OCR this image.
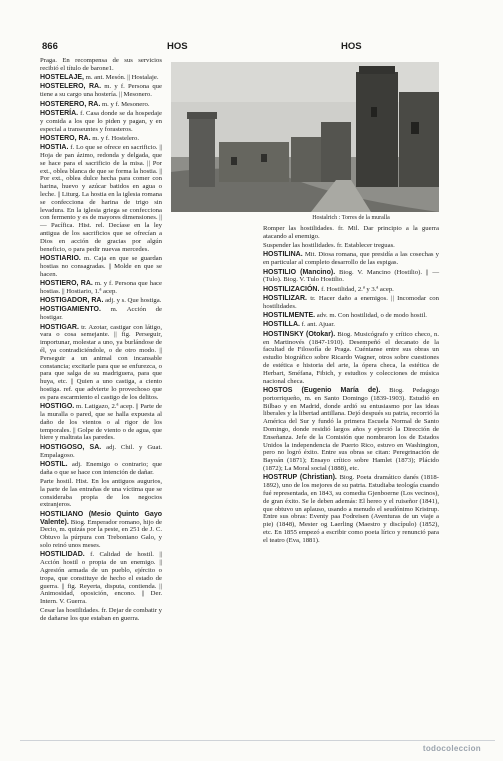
866	HOS	HOS

Praga. En recompensa de sus servicios recibió el título de barone1.

HOSTELAJE, m. ant. Mesón. || Hostalaje.

HOSTELERO, RA. m. y f. Persona que tiene a su cargo una hostería. || Mesonero.

HOSTERERO, RA. m. y f. Mesonero.

HOSTERÍA. f. Casa donde se da hospedaje y comida a los que lo piden y pagan, y en especial a transeuntes y forasteros.

HOSTERO, RA. m. y f. Hostelero.

HOSTIA. f. Lo que se ofrece en sacrificio. || Hoja de pan ázimo, redonda y delgada, que se hace para el sacrificio de la misa. || Por ext., oblea blanca de que se forma la hostia. || Por ext., oblea dulce hecha para comer con harina, huevo y azúcar batidos en agua o leche. || Liturg. La hostia en la iglesia romana se confecciona de harina de trigo sin levadura. En la iglesia griega se confecciona con fermento y es de mayores dimensiones. || — Pacífica. Hist. rel. Decíase en la ley antigua de los sacrificios que se ofrecían a Dios en acción de gracias por algún beneficio, o para pedir nuevas mercedes.

HOSTIARIO. m. Caja en que se guardan hostias no consagradas. || Molde en que se hacen.

HOSTIERO, RA. m. y f. Persona que hace hostias. || Hostiario, 1.ª acep.

HOSTIGADOR, RA. adj. y s. Que hostiga.

HOSTIGAMIENTO. m. Acción de hostigar.

HOSTIGAR. tr. Azotar, castigar con látigo, vara o cosa semejante. || fig. Perseguir, importunar, molestar a uno, ya burlándose de él, ya contradiciéndole, o de otro modo. || Perseguir a un animal con incansable constancia; excitarle para que se enfurezca, o para que salga de su madriguera, para que huya, etc. || Quien a uno castiga, a ciento hostiga. ref. que advierte lo provechoso que es para escarmiento el castigo de los delitos.

HOSTIGO. m. Latigazo, 2.ª acep. || Parte de la muralla o pared, que se halla expuesta al daño de los vientos o al rigor de los temporales. || Golpe de viento o de agua, que hiere y maltrata las paredes.

HOSTIGOSO, SA. adj. Chil. y Guat. Empalagoso.

HOSTIL. adj. Enemigo o contrario; que daña o que se hace con intención de dañar.

Parte hostil. Hist. En los antiguos augurios, la parte de las entrañas de una víctima que se consideraba propia de los negocios extranjeros.

HOSTILIANO (Mesio Quinto Gayo Valente). Biog. Emperador romano, hijo de Decio, m. quizás por la peste, en 251 de J. C. Obtuvo la púrpura con Treboniano Galo, y solo reinó unos meses.

HOSTILIDAD. f. Calidad de hostil. || Acción hostil o propia de un enemigo. || Agresión armada de un pueblo, ejército o tropa, que constituye de hecho el estado de guerra. || fig. Reyerta, disputa, contienda. || Animosidad, oposición, encono. || Der. Intern. V. Guerra.

Cesar las hostilidades. fr. Dejar de combatir y de dañarse los que estaban en guerra.

Hostalrich : Torres de la muralla

Romper las hostilidades. fr. Mil. Dar principio a la guerra atacando al enemigo.

Suspender las hostilidades. fr. Establecer treguas.

HOSTILINA. Mit. Diosa romana, que presidía a las cosechas y en particular al completo desarrollo de las espigas.

HOSTILIO (Mancino). Biog. V. Mancino (Hostilio). || — (Tulo). Biog. V. Tulo Hostilio.

HOSTILIZACIÓN. f. Hostilidad, 2.ª y 3.ª acep.

HOSTILIZAR. tr. Hacer daño a enemigos. || Incomodar con hostilidades.

HOSTILMENTE. adv. m. Con hostilidad, o de modo hostil.

HOSTILLA. f. ant. Ajuar.

HOSTINSKY (Otokar). Biog. Musicógrafo y crítico checo, n. en Martinovés (1847-1910). Desempeñó el decanato de la facultad de Filosofía de Praga. Cuéntanse entre sus obras un estudio biográfico sobre Ricardo Wagner, otros sobre cuestiones de estética e historia del arte, la ópera checa, la estética de Herbart, Sméfana, Fibich, y estudios y colecciones de música nacional checa.

HOSTOS (Eugenio María de). Biog. Pedagogo portorriqueño, m. en Santo Domingo (1839-1903). Estudió en Bilbao y en Madrid, donde ardió su entusiasmo por las ideas liberales y la libertad antillana. Dejó después su patria, recorrió la América del Sur y fundó la primera Escuela Normal de Santo Domingo, donde residió largos años y ejerció la Dirección de Enseñanza. Jefe de la Comisión que nombraron los de Estados Unidos la independencia de Puerto Rico, estuvo en Washington, pero no logró éxito. Entre sus obras se citan: Peregrinación de Bayoán (1871); Ensayo crítico sobre Hamlet (1873); Plácido (1872); La Moral social (1888), etc.

HOSTRUP (Christian). Biog. Poeta dramático danés (1818-1892), uno de los mejores de su patria. Estudiaba teología cuando fué representada, en 1843, su comedia Gjenboerne (Los vecinos), de gran éxito. Se le deben además: El hereo y el ruiseñor (1841), que obtuvo un aplauso, usando a menudo el seudónimo Kristrup. Entre sus obras: Eventy paa Fodreisen (Aventuras de un viaje a pie) (1848), Mester og Laerling (Maestro y discípulo) (1852), etc. En 1855 empezó a escribir como poeta lírico y renunció para el teatro (Eva, 1881).

todocoleccion
